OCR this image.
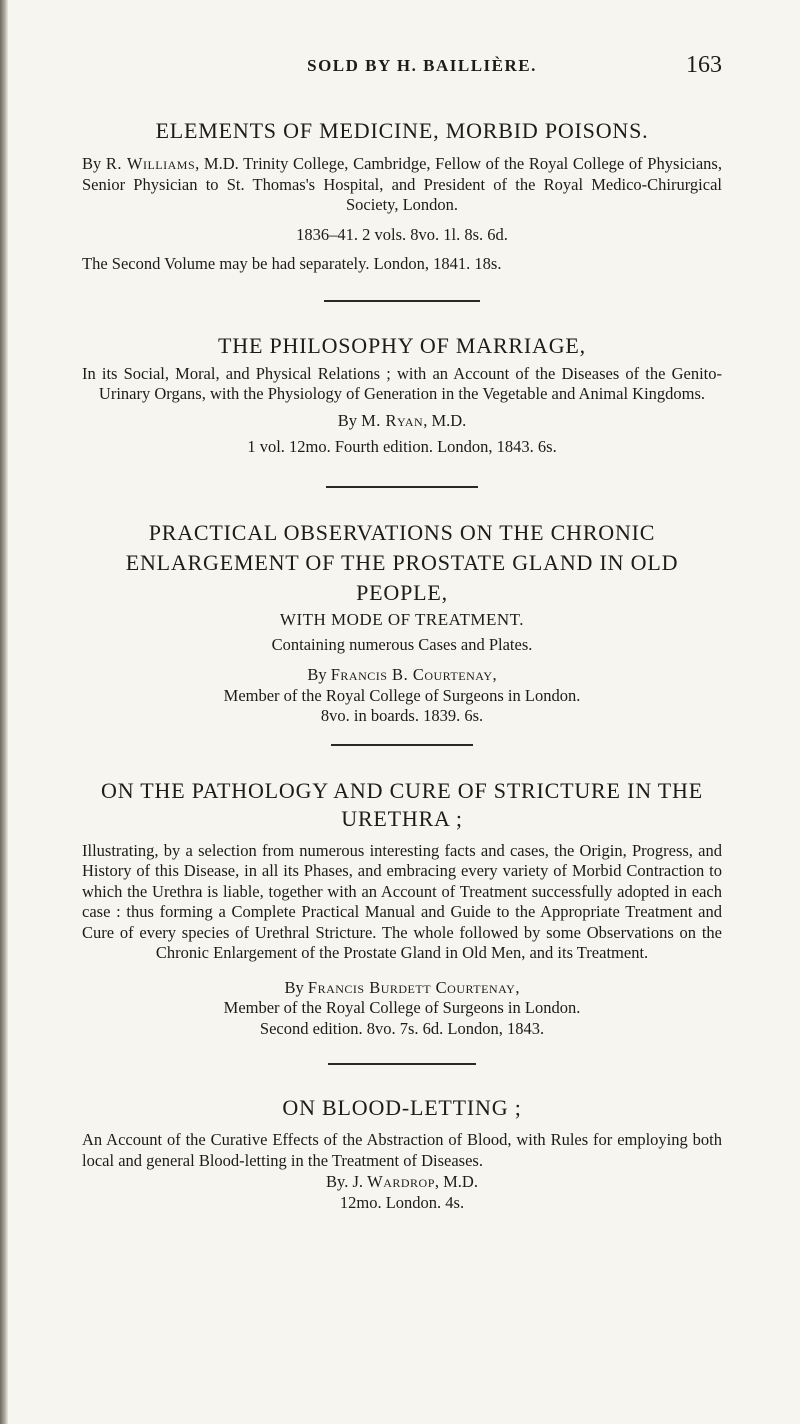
SOLD BY H. BAILLIÈRE.	163
ELEMENTS OF MEDICINE, MORBID POISONS.

By R. Williams, M.D. Trinity College, Cambridge, Fellow of the Royal College of Physicians, Senior Physician to St. Thomas's Hospital, and President of the Royal Medico-Chirurgical Society, London.

1836–41. 2 vols. 8vo. 1l. 8s. 6d.
The Second Volume may be had separately. London, 1841. 18s.
THE PHILOSOPHY OF MARRIAGE,

In its Social, Moral, and Physical Relations ; with an Account of the Diseases of the Genito-Urinary Organs, with the Physiology of Generation in the Vegetable and Animal Kingdoms.

By M. Ryan, M.D.
1 vol. 12mo. Fourth edition. London, 1843. 6s.
PRACTICAL OBSERVATIONS ON THE CHRONIC ENLARGEMENT OF THE PROSTATE GLAND IN OLD PEOPLE,
WITH MODE OF TREATMENT.
Containing numerous Cases and Plates.
By Francis B. Courtenay,
Member of the Royal College of Surgeons in London.
8vo. in boards. 1839. 6s.
ON THE PATHOLOGY AND CURE OF STRICTURE IN THE URETHRA ;

Illustrating, by a selection from numerous interesting facts and cases, the Origin, Progress, and History of this Disease, in all its Phases, and embracing every variety of Morbid Contraction to which the Urethra is liable, together with an Account of Treatment successfully adopted in each case : thus forming a Complete Practical Manual and Guide to the Appropriate Treatment and Cure of every species of Urethral Stricture. The whole followed by some Observations on the Chronic Enlargement of the Prostate Gland in Old Men, and its Treatment.

By Francis Burdett Courtenay,
Member of the Royal College of Surgeons in London.
Second edition. 8vo. 7s. 6d. London, 1843.
ON BLOOD-LETTING ;

An Account of the Curative Effects of the Abstraction of Blood, with Rules for employing both local and general Blood-letting in the Treatment of Diseases.

By. J. Wardrop, M.D.
12mo. London. 4s.
